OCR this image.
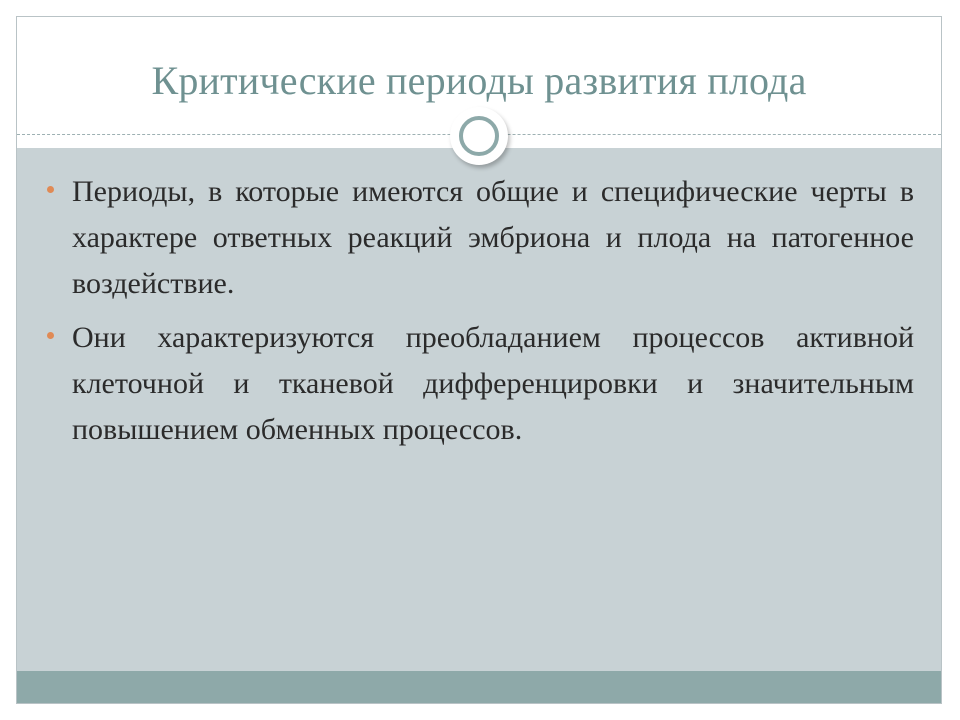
Критические периоды развития плода
Периоды, в которые имеются общие и специфические черты в характере ответных реакций эмбриона и плода на патогенное воздействие.
Они характеризуются преобладанием процессов активной клеточной и тканевой дифференцировки и значительным повышением обменных процессов.
